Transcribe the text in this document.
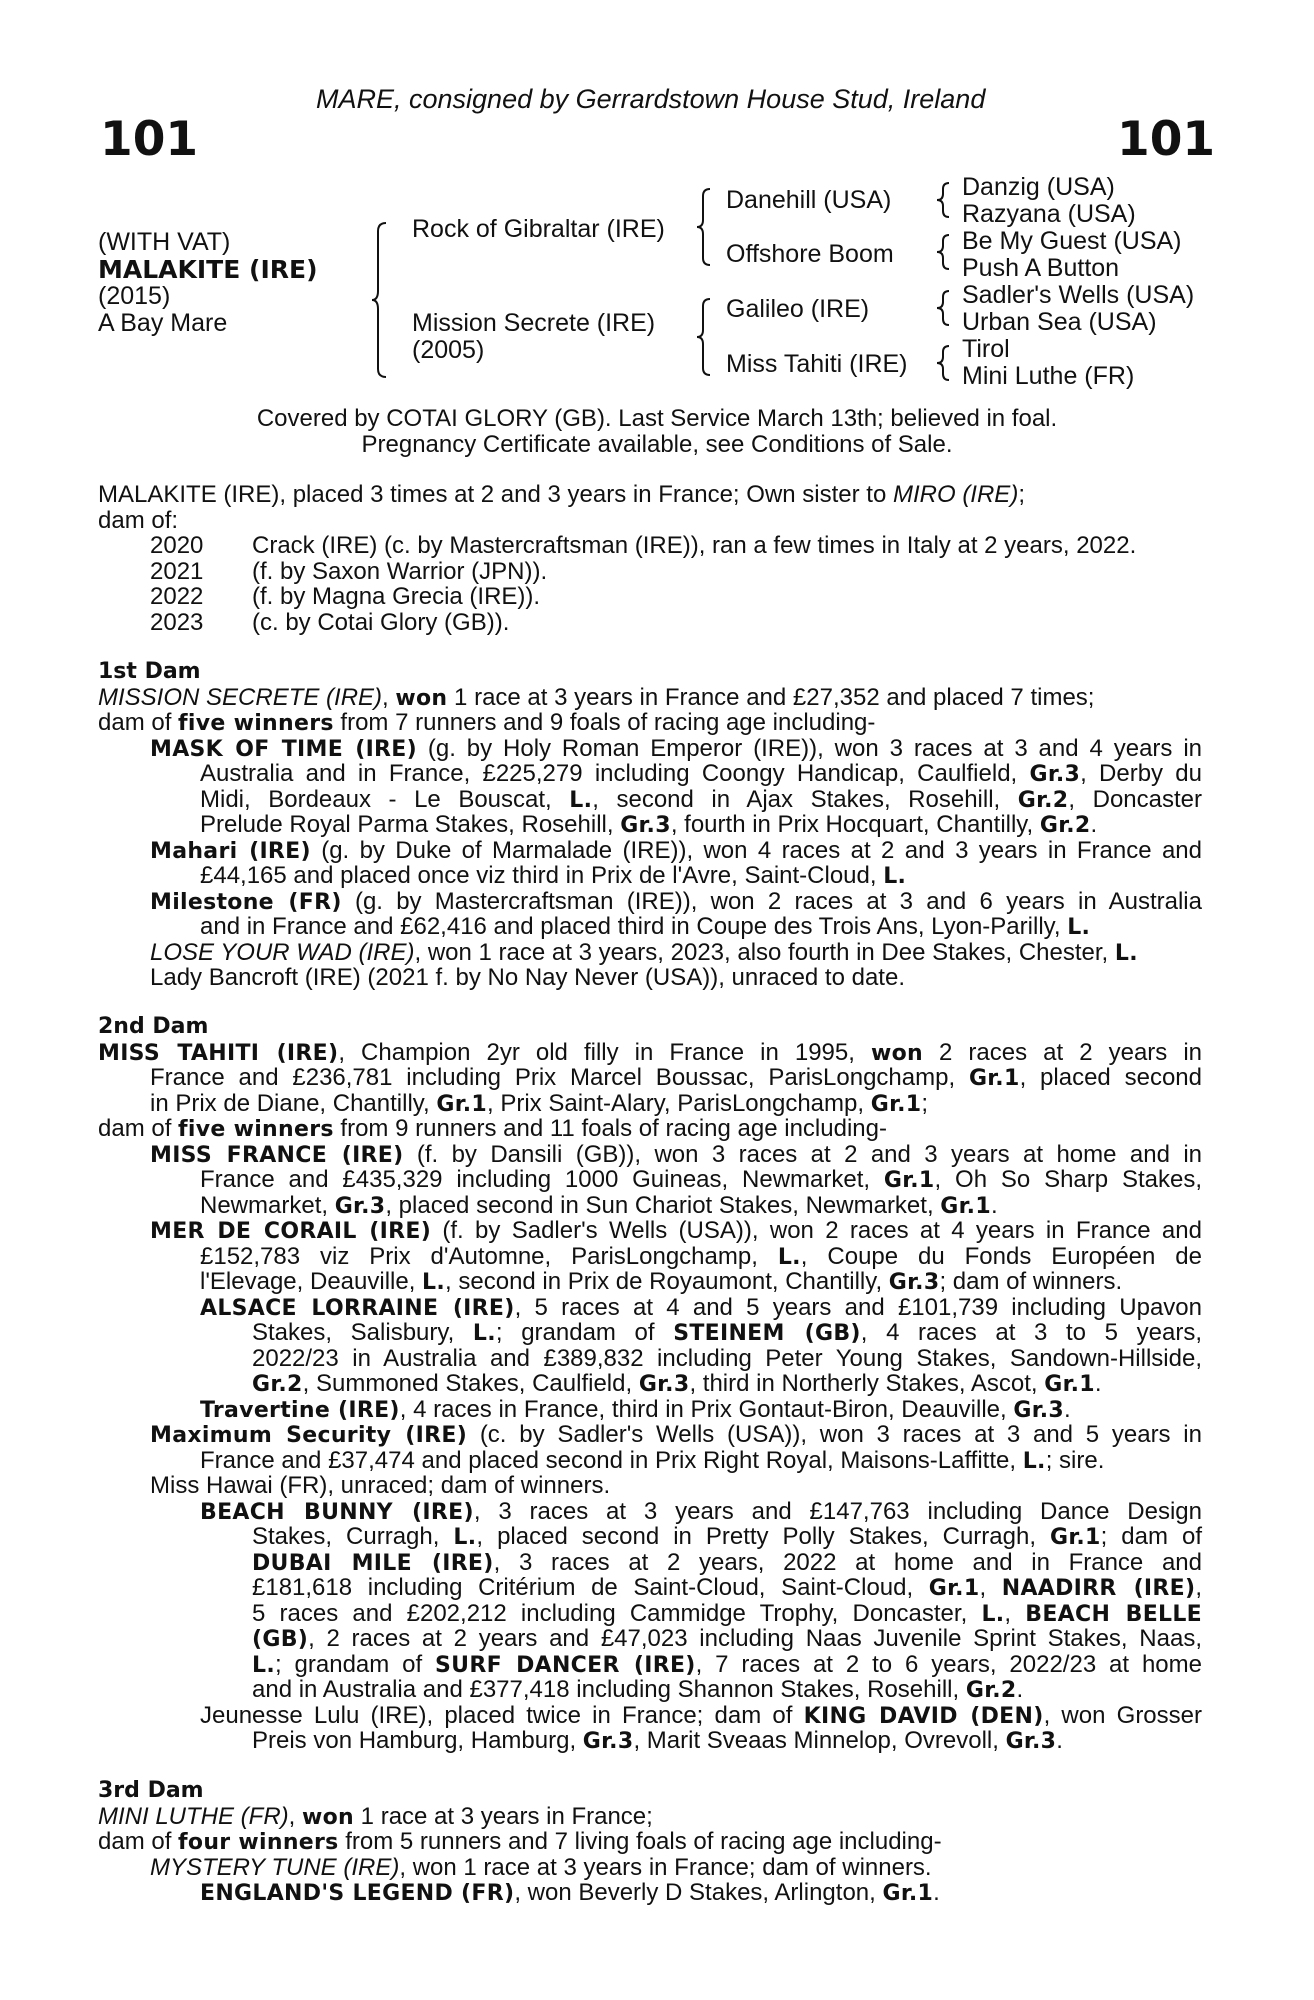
MARE, consigned by Gerrardstown House Stud, Ireland
101	101
(WITH VAT)
MALAKITE (IRE)
(2015)
A Bay Mare
Rock of Gibraltar (IRE)
Mission Secrete (IRE)
(2005)
Danehill (USA)
Offshore Boom
Galileo (IRE)
Miss Tahiti (IRE)
Danzig (USA)
Razyana (USA)
Be My Guest (USA)
Push A Button
Sadler's Wells (USA)
Urban Sea (USA)
Tirol
Mini Luthe (FR)
Covered by COTAI GLORY (GB). Last Service March 13th; believed in foal.
Pregnancy Certificate available, see Conditions of Sale.
MALAKITE (IRE), placed 3 times at 2 and 3 years in France; Own sister to MIRO (IRE);
dam of:
2020 Crack (IRE) (c. by Mastercraftsman (IRE)), ran a few times in Italy at 2 years, 2022.
2021 (f. by Saxon Warrior (JPN)).
2022 (f. by Magna Grecia (IRE)).
2023 (c. by Cotai Glory (GB)).
1st Dam
MISSION SECRETE (IRE), won 1 race at 3 years in France and £27,352 and placed 7 times;
dam of five winners from 7 runners and 9 foals of racing age including-
MASK OF TIME (IRE) (g. by Holy Roman Emperor (IRE)), won 3 races at 3 and 4 years in
Australia and in France, £225,279 including Coongy Handicap, Caulfield, Gr.3, Derby du
Midi, Bordeaux - Le Bouscat, L., second in Ajax Stakes, Rosehill, Gr.2, Doncaster
Prelude Royal Parma Stakes, Rosehill, Gr.3, fourth in Prix Hocquart, Chantilly, Gr.2.
Mahari (IRE) (g. by Duke of Marmalade (IRE)), won 4 races at 2 and 3 years in France and
£44,165 and placed once viz third in Prix de l'Avre, Saint-Cloud, L.
Milestone (FR) (g. by Mastercraftsman (IRE)), won 2 races at 3 and 6 years in Australia
and in France and £62,416 and placed third in Coupe des Trois Ans, Lyon-Parilly, L.
LOSE YOUR WAD (IRE), won 1 race at 3 years, 2023, also fourth in Dee Stakes, Chester, L.
Lady Bancroft (IRE) (2021 f. by No Nay Never (USA)), unraced to date.
2nd Dam
MISS TAHITI (IRE), Champion 2yr old filly in France in 1995, won 2 races at 2 years in
France and £236,781 including Prix Marcel Boussac, ParisLongchamp, Gr.1, placed second
in Prix de Diane, Chantilly, Gr.1, Prix Saint-Alary, ParisLongchamp, Gr.1;
dam of five winners from 9 runners and 11 foals of racing age including-
MISS FRANCE (IRE) (f. by Dansili (GB)), won 3 races at 2 and 3 years at home and in
France and £435,329 including 1000 Guineas, Newmarket, Gr.1, Oh So Sharp Stakes,
Newmarket, Gr.3, placed second in Sun Chariot Stakes, Newmarket, Gr.1.
MER DE CORAIL (IRE) (f. by Sadler's Wells (USA)), won 2 races at 4 years in France and
£152,783 viz Prix d'Automne, ParisLongchamp, L., Coupe du Fonds Européen de
l'Elevage, Deauville, L., second in Prix de Royaumont, Chantilly, Gr.3; dam of winners.
ALSACE LORRAINE (IRE), 5 races at 4 and 5 years and £101,739 including Upavon
Stakes, Salisbury, L.; grandam of STEINEM (GB), 4 races at 3 to 5 years,
2022/23 in Australia and £389,832 including Peter Young Stakes, Sandown-Hillside,
Gr.2, Summoned Stakes, Caulfield, Gr.3, third in Northerly Stakes, Ascot, Gr.1.
Travertine (IRE), 4 races in France, third in Prix Gontaut-Biron, Deauville, Gr.3.
Maximum Security (IRE) (c. by Sadler's Wells (USA)), won 3 races at 3 and 5 years in
France and £37,474 and placed second in Prix Right Royal, Maisons-Laffitte, L.; sire.
Miss Hawai (FR), unraced; dam of winners.
BEACH BUNNY (IRE), 3 races at 3 years and £147,763 including Dance Design
Stakes, Curragh, L., placed second in Pretty Polly Stakes, Curragh, Gr.1; dam of
DUBAI MILE (IRE), 3 races at 2 years, 2022 at home and in France and
£181,618 including Critérium de Saint-Cloud, Saint-Cloud, Gr.1, NAADIRR (IRE),
5 races and £202,212 including Cammidge Trophy, Doncaster, L., BEACH BELLE
(GB), 2 races at 2 years and £47,023 including Naas Juvenile Sprint Stakes, Naas,
L.; grandam of SURF DANCER (IRE), 7 races at 2 to 6 years, 2022/23 at home
and in Australia and £377,418 including Shannon Stakes, Rosehill, Gr.2.
Jeunesse Lulu (IRE), placed twice in France; dam of KING DAVID (DEN), won Grosser
Preis von Hamburg, Hamburg, Gr.3, Marit Sveaas Minnelop, Ovrevoll, Gr.3.
3rd Dam
MINI LUTHE (FR), won 1 race at 3 years in France;
dam of four winners from 5 runners and 7 living foals of racing age including-
MYSTERY TUNE (IRE), won 1 race at 3 years in France; dam of winners.
ENGLAND'S LEGEND (FR), won Beverly D Stakes, Arlington, Gr.1.
